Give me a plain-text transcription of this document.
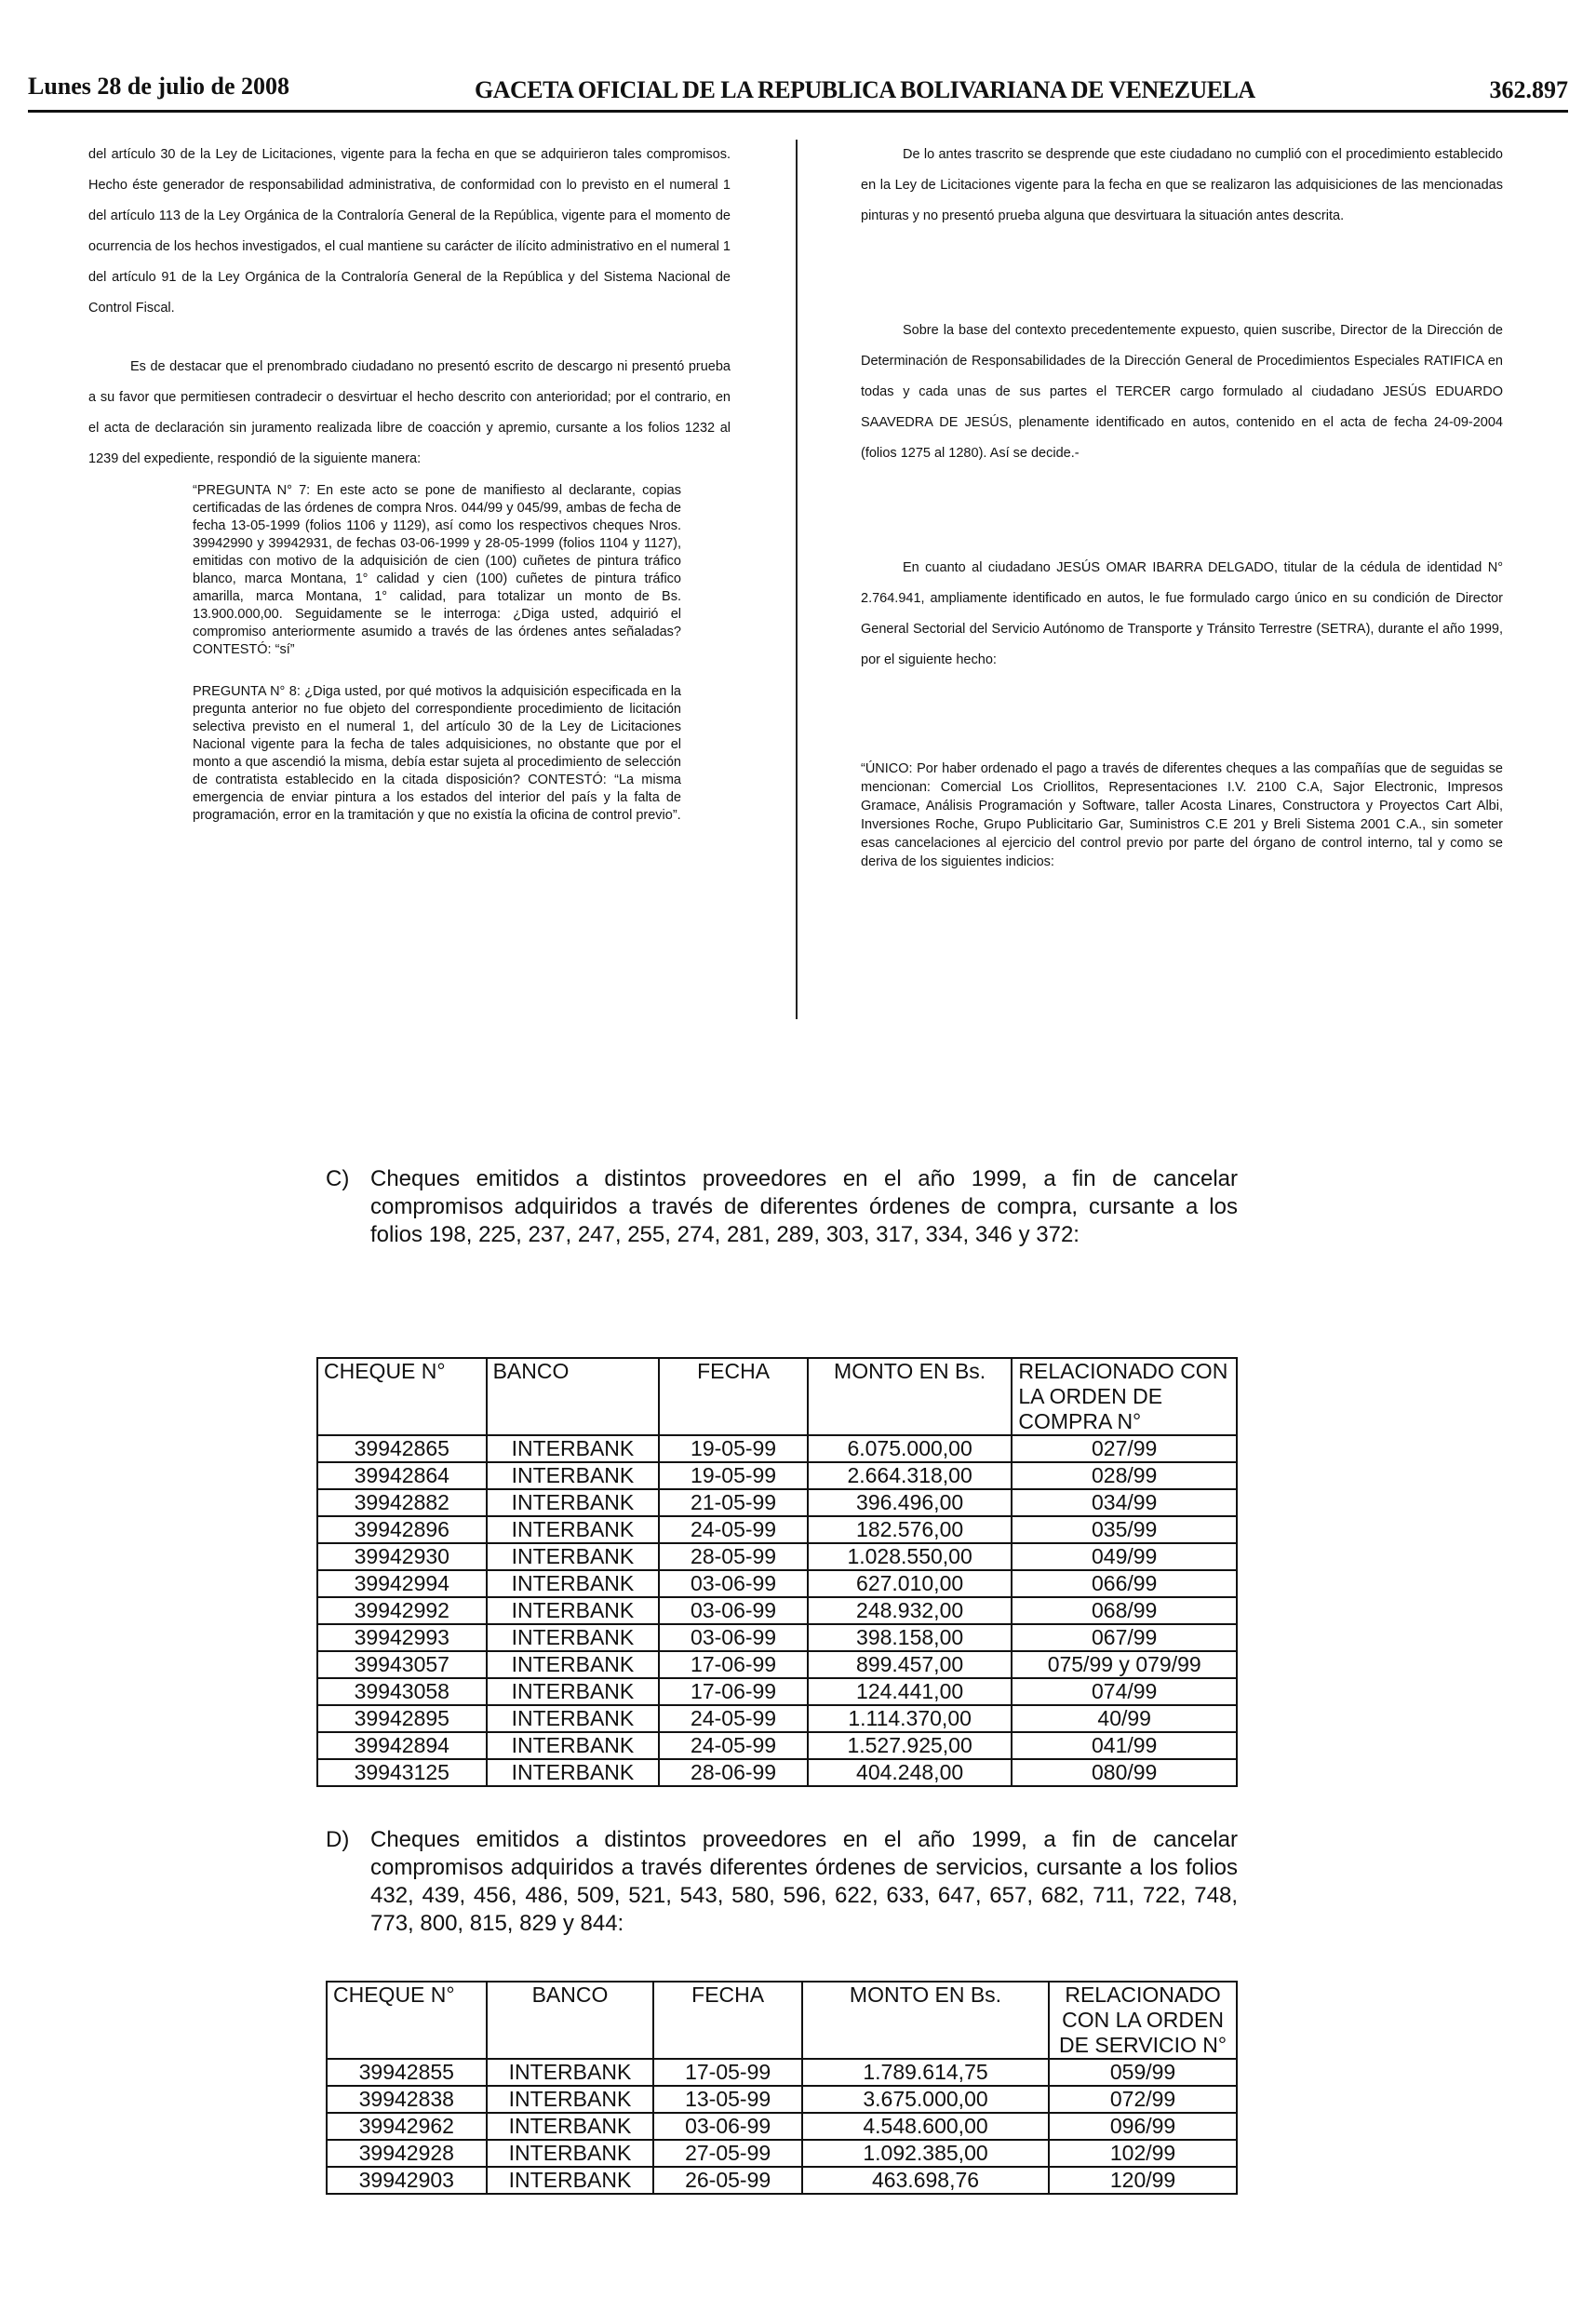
Lunes 28 de julio de 2008	GACETA OFICIAL DE LA REPUBLICA BOLIVARIANA DE VENEZUELA	362.897

del artículo 30 de la Ley de Licitaciones, vigente para la fecha en que se adquirieron tales compromisos. Hecho éste generador de responsabilidad administrativa, de conformidad con lo previsto en el numeral 1 del artículo 113 de la Ley Orgánica de la Contraloría General de la República, vigente para el momento de ocurrencia de los hechos investigados, el cual mantiene su carácter de ilícito administrativo en el numeral 1 del artículo 91 de la Ley Orgánica de la Contraloría General de la República y del Sistema Nacional de Control Fiscal.

Es de destacar que el prenombrado ciudadano no presentó escrito de descargo ni presentó prueba a su favor que permitiesen contradecir o desvirtuar el hecho descrito con anterioridad; por el contrario, en el acta de declaración sin juramento realizada libre de coacción y apremio, cursante a los folios 1232 al 1239 del expediente, respondió de la siguiente manera:

“PREGUNTA N° 7: En este acto se pone de manifiesto al declarante, copias certificadas de las órdenes de compra Nros. 044/99 y 045/99, ambas de fecha de fecha 13-05-1999 (folios 1106 y 1129), así como los respectivos cheques Nros. 39942990 y 39942931, de fechas 03-06-1999 y 28-05-1999 (folios 1104 y 1127), emitidas con motivo de la adquisición de cien (100) cuñetes de pintura tráfico blanco, marca Montana, 1° calidad y cien (100) cuñetes de pintura tráfico amarilla, marca Montana, 1° calidad, para totalizar un monto de Bs. 13.900.000,00. Seguidamente se le interroga: ¿Diga usted, adquirió el compromiso anteriormente asumido a través de las órdenes antes señaladas? CONTESTÓ: “sí”

PREGUNTA N° 8: ¿Diga usted, por qué motivos la adquisición especificada en la pregunta anterior no fue objeto del correspondiente procedimiento de licitación selectiva previsto en el numeral 1, del artículo 30 de la Ley de Licitaciones Nacional vigente para la fecha de tales adquisiciones, no obstante que por el monto a que ascendió la misma, debía estar sujeta al procedimiento de selección de contratista establecido en la citada disposición? CONTESTÓ: “La misma emergencia de enviar pintura a los estados del interior del país y la falta de programación, error en la tramitación y que no existía la oficina de control previo”.

De lo antes trascrito se desprende que este ciudadano no cumplió con el procedimiento establecido en la Ley de Licitaciones vigente para la fecha en que se realizaron las adquisiciones de las mencionadas pinturas y no presentó prueba alguna que desvirtuara la situación antes descrita.

Sobre la base del contexto precedentemente expuesto, quien suscribe, Director de la Dirección de Determinación de Responsabilidades de la Dirección General de Procedimientos Especiales RATIFICA en todas y cada unas de sus partes el TERCER cargo formulado al ciudadano JESÚS EDUARDO SAAVEDRA DE JESÚS, plenamente identificado en autos, contenido en el acta de fecha 24-09-2004 (folios 1275 al 1280). Así se decide.-

En cuanto al ciudadano JESÚS OMAR IBARRA DELGADO, titular de la cédula de identidad N° 2.764.941, ampliamente identificado en autos, le fue formulado cargo único en su condición de Director General Sectorial del Servicio Autónomo de Transporte y Tránsito Terrestre (SETRA), durante el año 1999, por el siguiente hecho:

“ÚNICO: Por haber ordenado el pago a través de diferentes cheques a las compañías que de seguidas se mencionan: Comercial Los Criollitos, Representaciones I.V. 2100 C.A, Sajor Electronic, Impresos Gramace, Análisis Programación y Software, taller Acosta Linares, Constructora y Proyectos Cart Albi, Inversiones Roche, Grupo Publicitario Gar, Suministros C.E 201 y Breli Sistema 2001 C.A., sin someter esas cancelaciones al ejercicio del control previo por parte del órgano de control interno, tal y como se deriva de los siguientes indicios:

C) Cheques emitidos a distintos proveedores en el año 1999, a fin de cancelar compromisos adquiridos a través de diferentes órdenes de compra, cursante a los folios 198, 225, 237, 247, 255, 274, 281, 289, 303, 317, 334, 346 y 372:
CHEQUE N°	BANCO	FECHA	MONTO EN Bs.	RELACIONADO CON LA ORDEN DE COMPRA N°
39942865	INTERBANK	19-05-99	6.075.000,00	027/99
39942864	INTERBANK	19-05-99	2.664.318,00	028/99
39942882	INTERBANK	21-05-99	396.496,00	034/99
39942896	INTERBANK	24-05-99	182.576,00	035/99
39942930	INTERBANK	28-05-99	1.028.550,00	049/99
39942994	INTERBANK	03-06-99	627.010,00	066/99
39942992	INTERBANK	03-06-99	248.932,00	068/99
39942993	INTERBANK	03-06-99	398.158,00	067/99
39943057	INTERBANK	17-06-99	899.457,00	075/99 y 079/99
39943058	INTERBANK	17-06-99	124.441,00	074/99
39942895	INTERBANK	24-05-99	1.114.370,00	40/99
39942894	INTERBANK	24-05-99	1.527.925,00	041/99
39943125	INTERBANK	28-06-99	404.248,00	080/99
D) Cheques emitidos a distintos proveedores en el año 1999, a fin de cancelar compromisos adquiridos a través diferentes órdenes de servicios, cursante a los folios 432, 439, 456, 486, 509, 521, 543, 580, 596, 622, 633, 647, 657, 682, 711, 722, 748, 773, 800, 815, 829 y 844:
CHEQUE N°	BANCO	FECHA	MONTO EN Bs.	RELACIONADO CON LA ORDEN DE SERVICIO N°
39942855	INTERBANK	17-05-99	1.789.614,75	059/99
39942838	INTERBANK	13-05-99	3.675.000,00	072/99
39942962	INTERBANK	03-06-99	4.548.600,00	096/99
39942928	INTERBANK	27-05-99	1.092.385,00	102/99
39942903	INTERBANK	26-05-99	463.698,76	120/99
